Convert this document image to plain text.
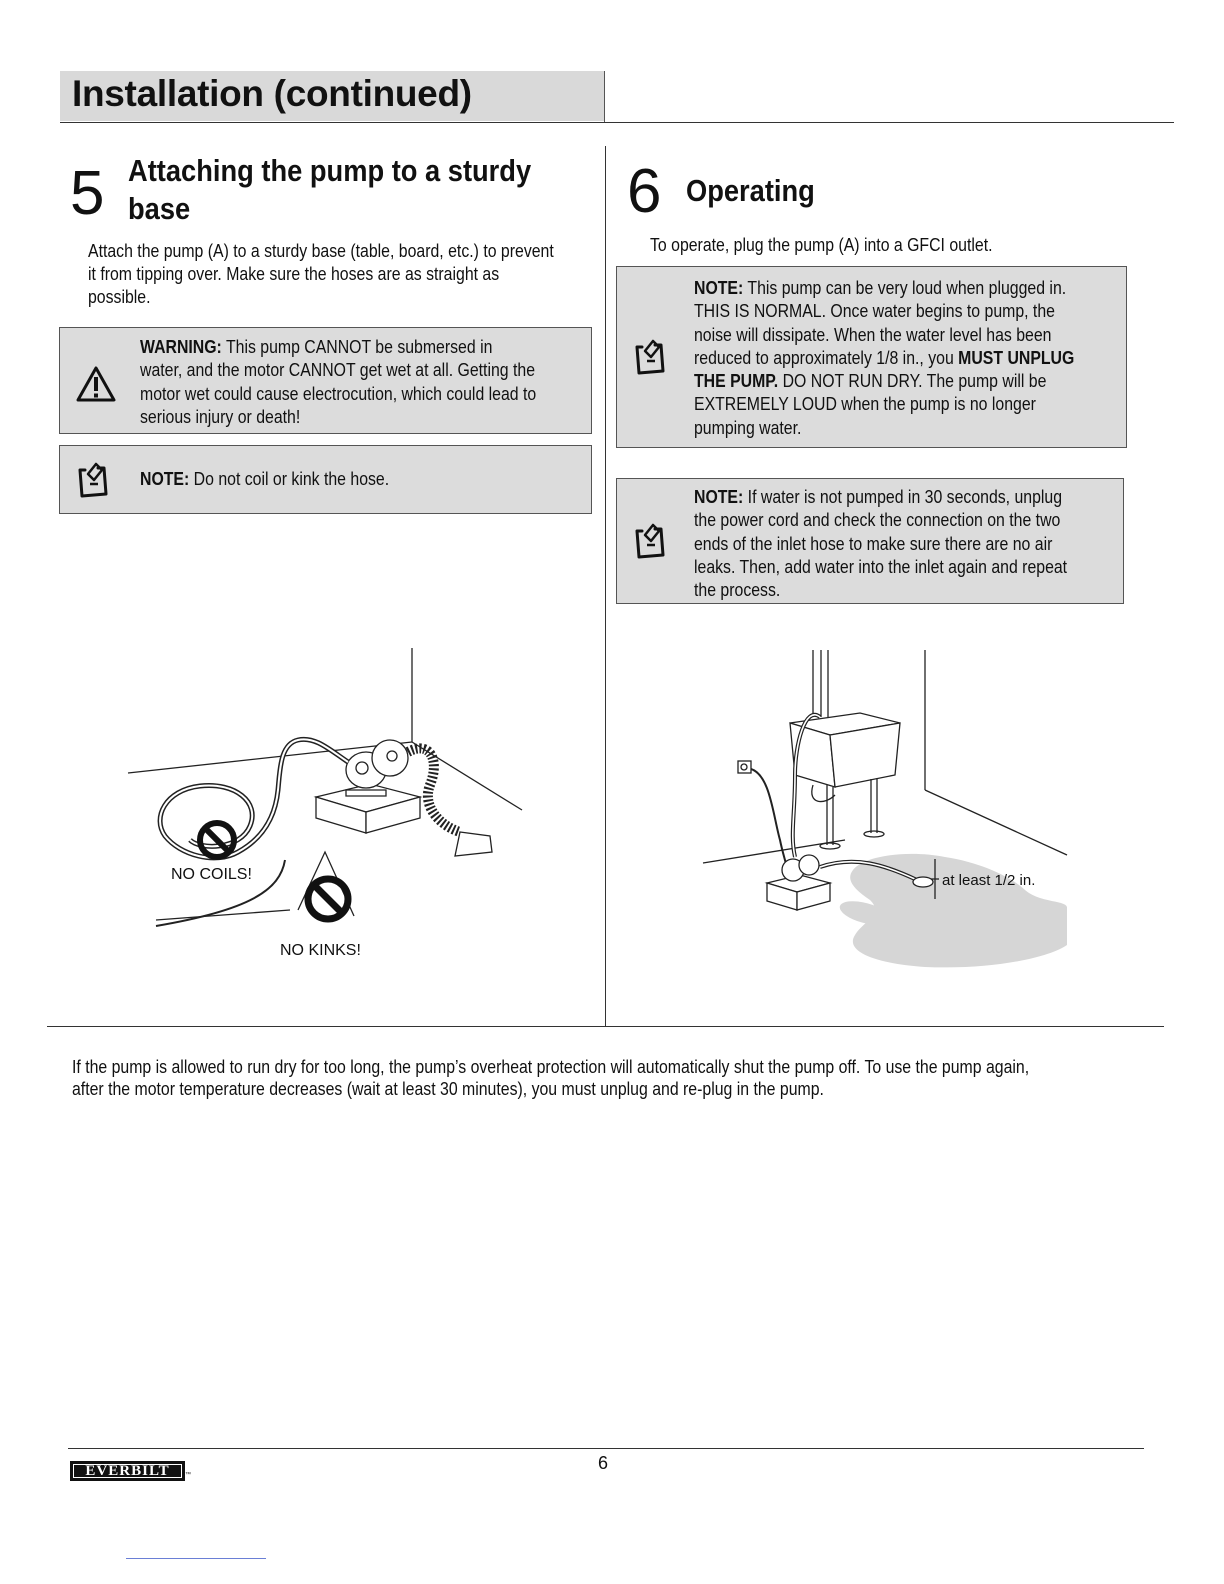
Installation (continued)
5 Attaching the pump to a sturdy
base
Attach the pump (A) to a sturdy base (table, board, etc.) to prevent
it from tipping over. Make sure the hoses are as straight as
possible.
WARNING: This pump CANNOT be submersed in
water, and the motor CANNOT get wet at all. Getting the
motor wet could cause electrocution, which could lead to
serious injury or death!
NOTE: Do not coil or kink the hose.
NO COILS!
NO KINKS!
6 Operating
To operate, plug the pump (A) into a GFCI outlet.
NOTE: This pump can be very loud when plugged in.
THIS IS NORMAL. Once water begins to pump, the
noise will dissipate. When the water level has been
reduced to approximately 1/8 in., you MUST UNPLUG
THE PUMP. DO NOT RUN DRY. The pump will be
EXTREMELY LOUD when the pump is no longer
pumping water.
NOTE: If water is not pumped in 30 seconds, unplug
the power cord and check the connection on the two
ends of the inlet hose to make sure there are no air
leaks. Then, add water into the inlet again and repeat
the process.
at least 1/2 in.
If the pump is allowed to run dry for too long, the pump’s overheat protection will automatically shut the pump off. To use the pump again,
after the motor temperature decreases (wait at least 30 minutes), you must unplug and re-plug in the pump.
EVERBILT	™
6
